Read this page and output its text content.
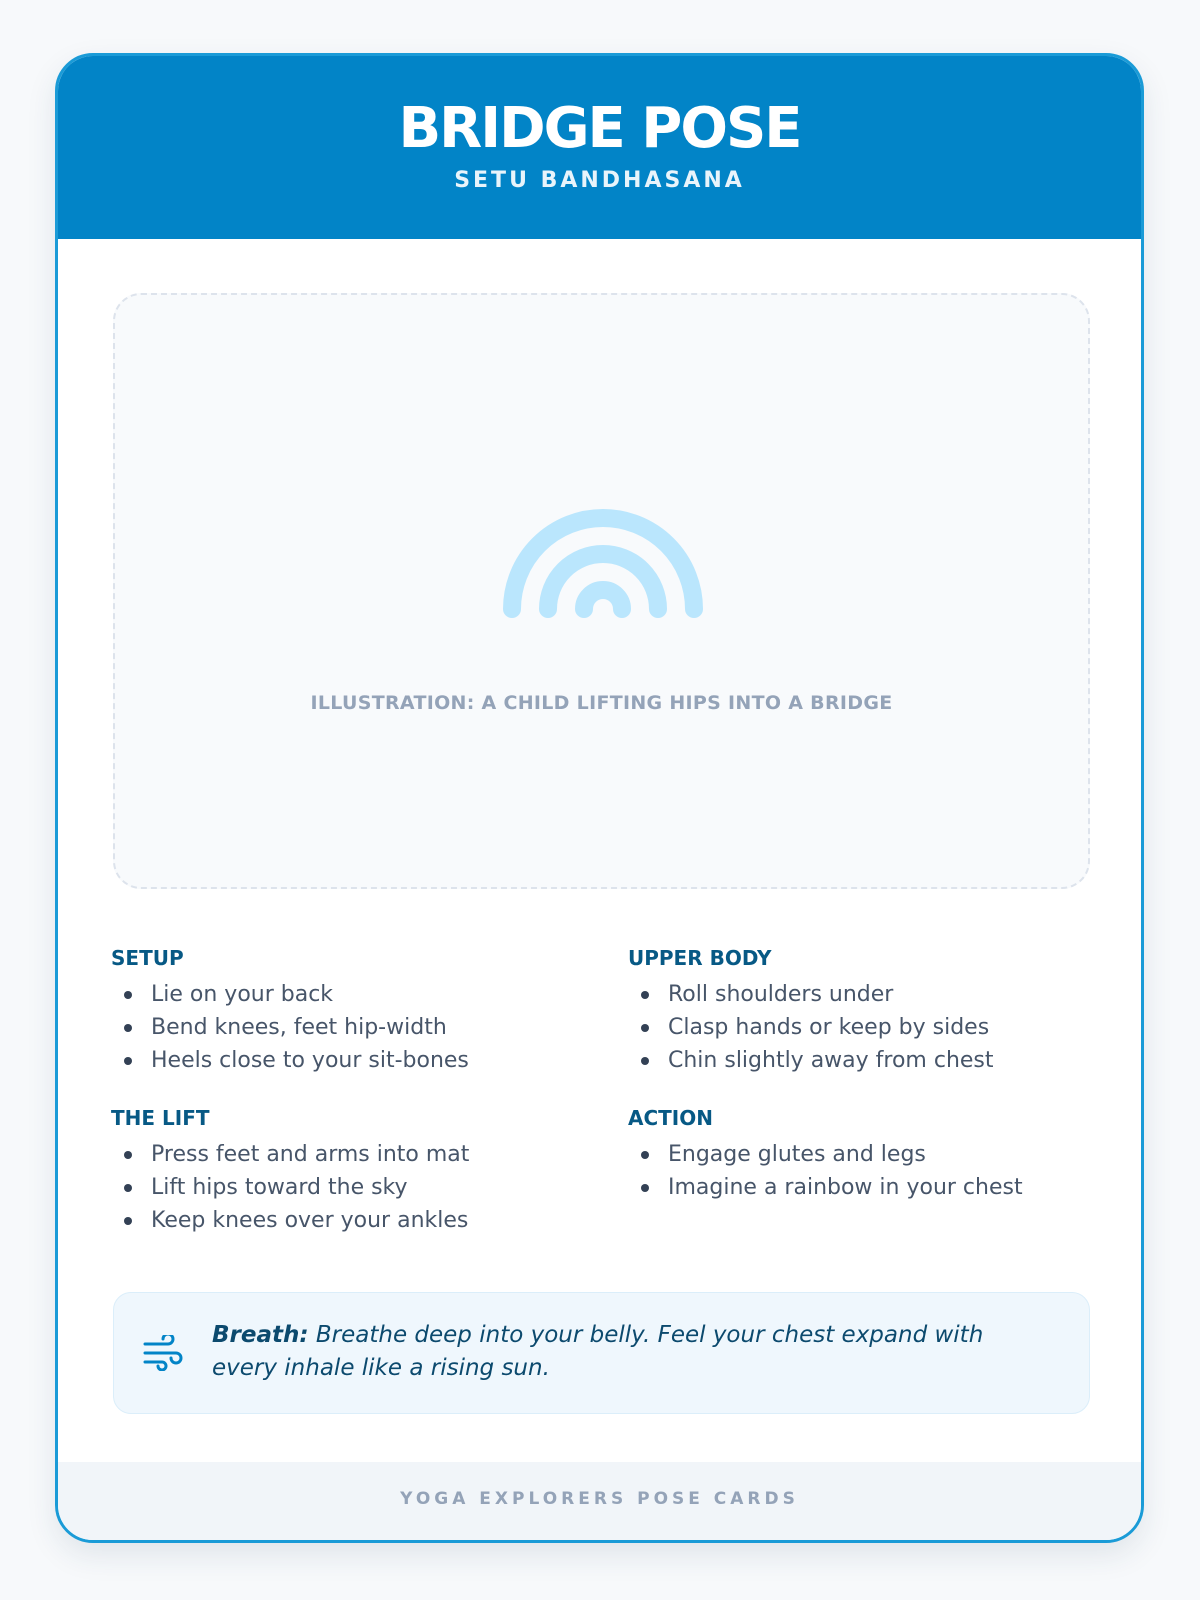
BRIDGE POSE
SETU BANDHASANA
ILLUSTRATION: A CHILD LIFTING HIPS INTO A BRIDGE
SETUP
Lie on your back
Bend knees, feet hip-width
Heels close to your sit-bones
UPPER BODY
Roll shoulders under
Clasp hands or keep by sides
Chin slightly away from chest
THE LIFT
Press feet and arms into mat
Lift hips toward the sky
Keep knees over your ankles
ACTION
Engage glutes and legs
Imagine a rainbow in your chest
Breath: Breathe deep into your belly. Feel your chest expand with every inhale like a rising sun.
YOGA EXPLORERS POSE CARDS
